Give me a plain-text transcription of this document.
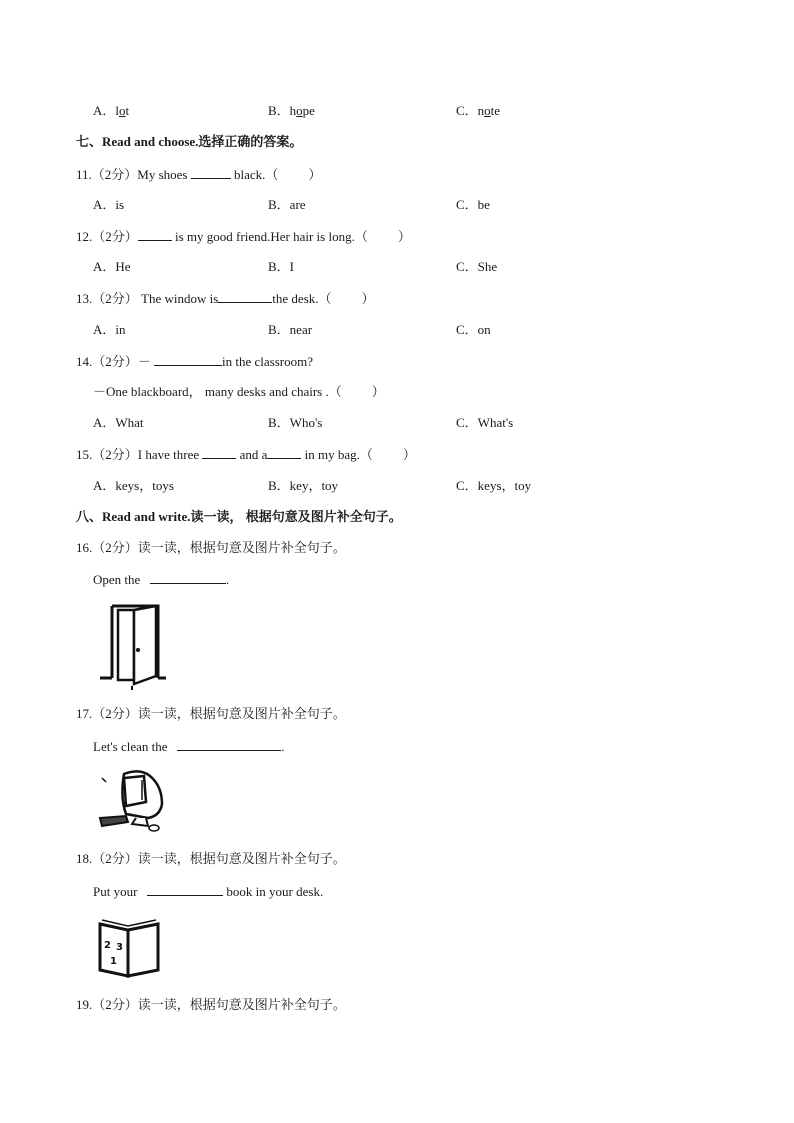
A．lot	B．hope	C．note
七、Read and choose.选择正确的答案。
11.（2分）My shoes	black.（ ）
A．is	B．are	C．be
12.（2分）	is my good friend.Her hair is long.（ ）
A．He	B．I	C．She
13.（2分） The window is	the desk.（ ）
A．in	B．near	C．on
14.（2分）－	in the classroom?
－One blackboard， many desks and chairs .（ ）
A．What	B．Who's	C．What's
15.（2分）I have three	and a	in my bag.（ ）
A．keys，toys	B．key，toy	C．keys，toy
八、Read and write.读一读， 根据句意及图片补全句子。
16.（2分）读一读，根据句意及图片补全句子。
Open the	.
17.（2分）读一读，根据句意及图片补全句子。
Let's clean the	.
18.（2分）读一读，根据句意及图片补全句子。
Put your	book in your desk.
2 3
1
19.（2分）读一读，根据句意及图片补全句子。
